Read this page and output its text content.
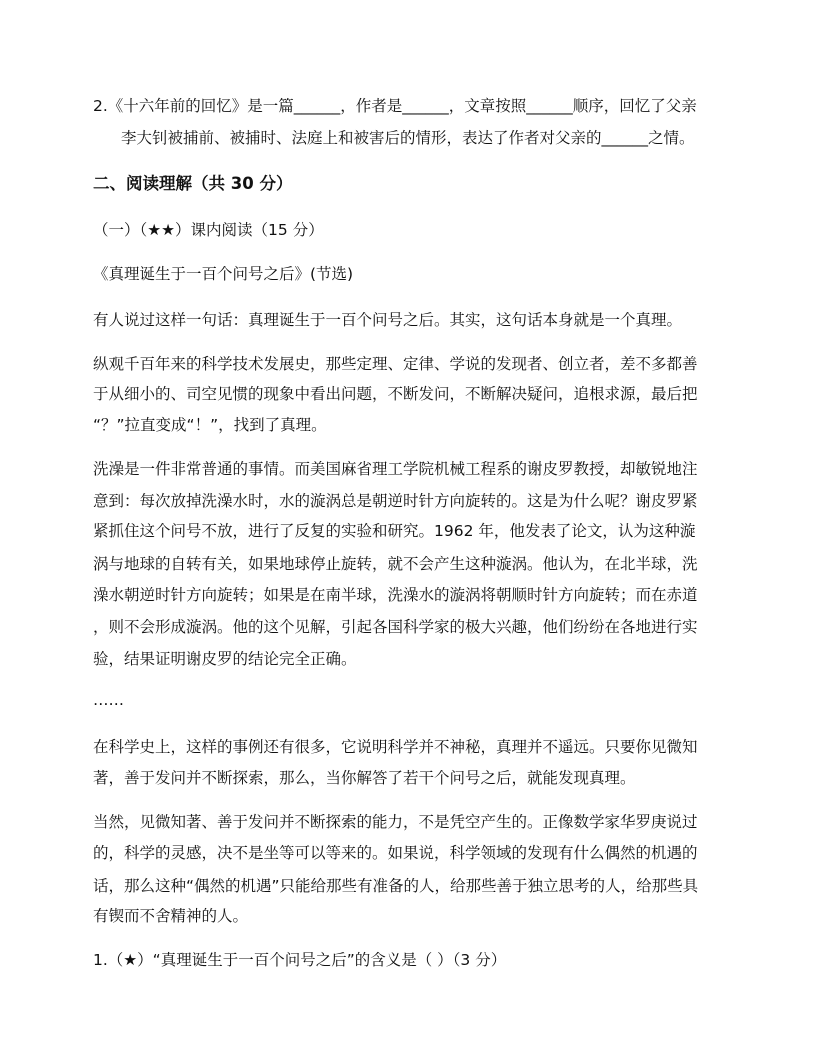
2.《十六年前的回忆》是一篇______，作者是______，文章按照______顺序，回忆了父亲
李大钊被捕前、被捕时、法庭上和被害后的情形，表达了作者对父亲的______之情。
二、阅读理解（共 30 分）
（一）（★★）课内阅读（15 分）
《真理诞生于一百个问号之后》(节选)
有人说过这样一句话：真理诞生于一百个问号之后。其实，这句话本身就是一个真理。
纵观千百年来的科学技术发展史，那些定理、定律、学说的发现者、创立者，差不多都善
于从细小的、司空见惯的现象中看出问题，不断发问，不断解决疑问，追根求源，最后把
“？”拉直变成“！”，找到了真理。
洗澡是一件非常普通的事情。而美国麻省理工学院机械工程系的谢皮罗教授，却敏锐地注
意到：每次放掉洗澡水时，水的漩涡总是朝逆时针方向旋转的。这是为什么呢？谢皮罗紧
紧抓住这个问号不放，进行了反复的实验和研究。1962 年，他发表了论文，认为这种漩
涡与地球的自转有关，如果地球停止旋转，就不会产生这种漩涡。他认为，在北半球，洗
澡水朝逆时针方向旋转；如果是在南半球，洗澡水的漩涡将朝顺时针方向旋转；而在赤道
，则不会形成漩涡。他的这个见解，引起各国科学家的极大兴趣，他们纷纷在各地进行实
验，结果证明谢皮罗的结论完全正确。
……
在科学史上，这样的事例还有很多，它说明科学并不神秘，真理并不遥远。只要你见微知
著，善于发问并不断探索，那么，当你解答了若干个问号之后，就能发现真理。
当然，见微知著、善于发问并不断探索的能力，不是凭空产生的。正像数学家华罗庚说过
的，科学的灵感，决不是坐等可以等来的。如果说，科学领域的发现有什么偶然的机遇的
话，那么这种“偶然的机遇”只能给那些有准备的人，给那些善于独立思考的人，给那些具
有锲而不舍精神的人。
1.（★）“真理诞生于一百个问号之后”的含义是（ ）（3 分）
